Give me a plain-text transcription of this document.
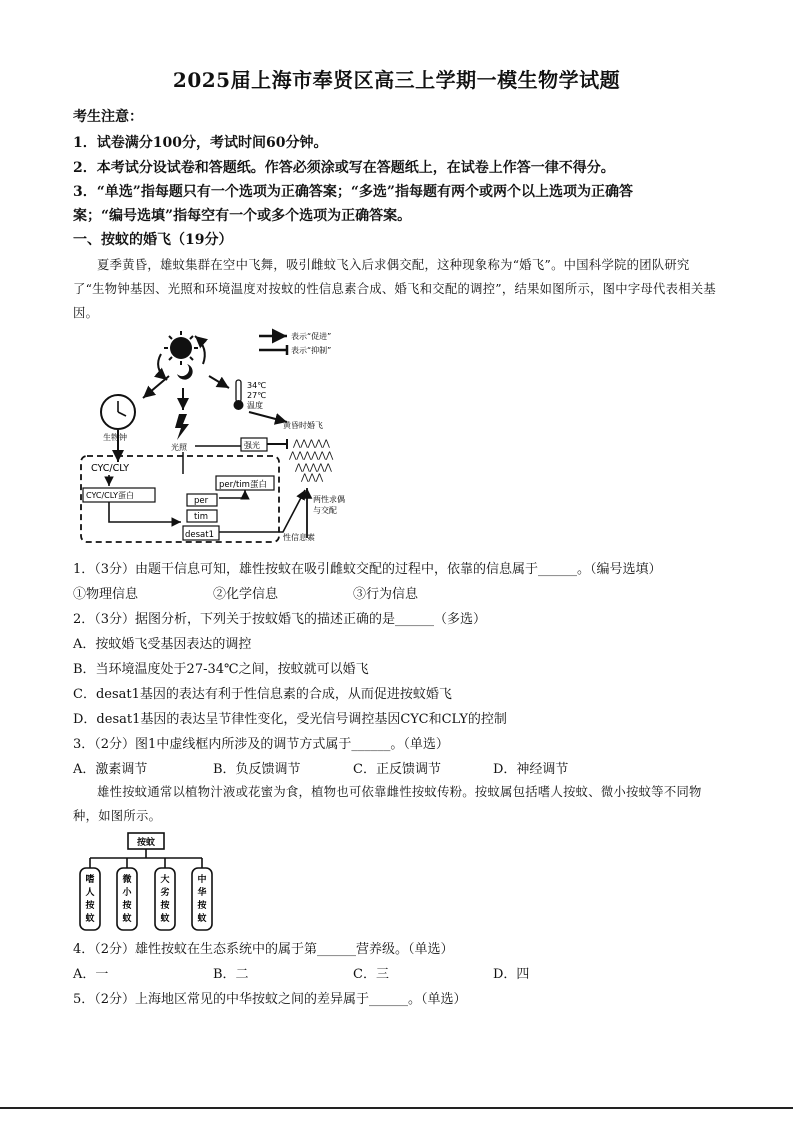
2025届上海市奉贤区高三上学期一模生物学试题
考生注意：
1．试卷满分100分，考试时间60分钟。
2．本考试分设试卷和答题纸。作答必须涂或写在答题纸上，在试卷上作答一律不得分。
3．“单选”指每题只有一个选项为正确答案；“多选”指每题有两个或两个以上选项为正确答
案；“编号选填”指每空有一个或多个选项为正确答案。
一、按蚊的婚飞（19分）
夏季黄昏，雄蚊集群在空中飞舞，吸引雌蚊飞入后求偶交配，这种现象称为“婚飞”。中国科学院的团队研究了“生物钟基因、光照和环境温度对按蚊的性信息素合成、婚飞和交配的调控”，结果如图所示，图中字母代表相关基因。
表示“促进”
表示“抑制”
生物钟
光照
34℃
27℃
温度
黄昏时婚飞
强光	⋀⋀⋀⋀⋀
⋀⋀⋀⋀⋀⋀
⋀⋀⋀⋀⋀
⋀⋀⋀
CYC/CLY
CYC/CLY蛋白
per/tim蛋白
per
tim
desat1
两性求偶
与交配
性信息素
1．（3分）由题干信息可知，雄性按蚊在吸引雌蚊交配的过程中，依靠的信息属于______。（编号选填）
①物理信息	②化学信息	③行为信息
2．（3分）据图分析，下列关于按蚊婚飞的描述正确的是______（多选）
A．按蚊婚飞受基因表达的调控
B．当环境温度处于27-34℃之间，按蚊就可以婚飞
C．desat1基因的表达有利于性信息素的合成，从而促进按蚊婚飞
D．desat1基因的表达呈节律性变化，受光信号调控基因CYC和CLY的控制
3．（2分）图1中虚线框内所涉及的调节方式属于______。（单选）
A．激素调节	B．负反馈调节	C．正反馈调节	D．神经调节
雄性按蚊通常以植物汁液或花蜜为食，植物也可依靠雌性按蚊传粉。按蚊属包括嗜人按蚊、微小按蚊等不同物种，如图所示。
按蚊
嗜人按蚊
微小按蚊
大劣按蚊
中华按蚊
4．（2分）雄性按蚊在生态系统中的属于第______营养级。（单选）
A．一	B．二	C．三	D．四
5．（2分）上海地区常见的中华按蚊之间的差异属于______。（单选）
